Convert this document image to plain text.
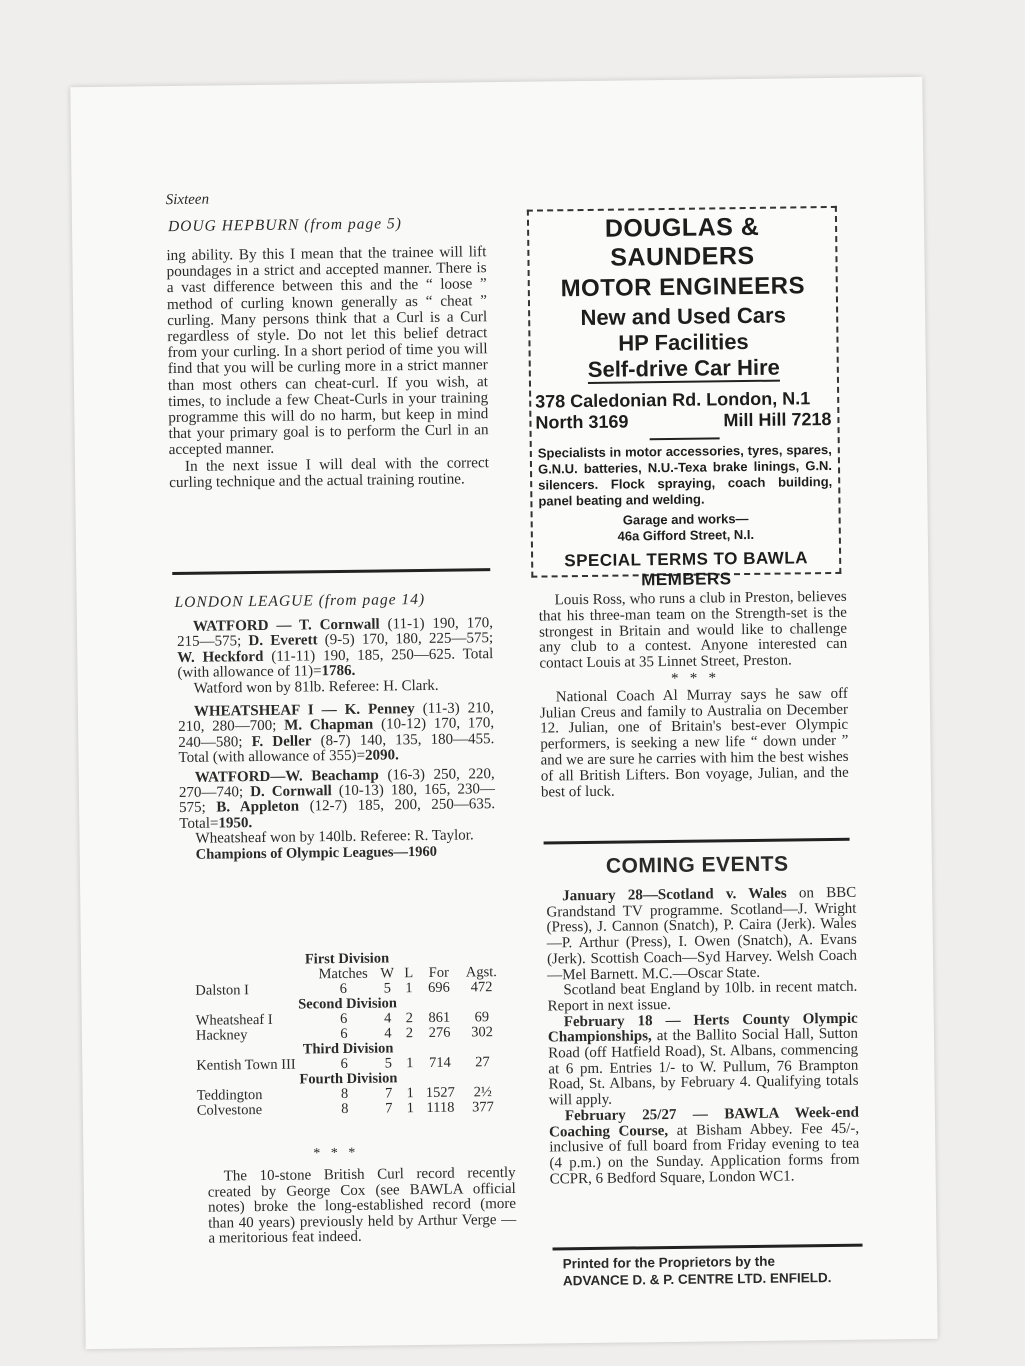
Sixteen
DOUG HEPBURN (from page 5)

ing ability. By this I mean that the trainee will lift poundages in a strict and accepted manner. There is a vast difference between this and the “ loose ” method of curling known generally as “ cheat ” curling. Many persons think that a Curl is a Curl regardless of style. Do not let this belief detract from your curling. In a short period of time you will find that you will be curling more in a strict manner than most others can cheat-curl. If you wish, at times, to include a few Cheat-Curls in your training programme this will do no harm, but keep in mind that your primary goal is to perform the Curl in an accepted manner.

In the next issue I will deal with the correct curling technique and the actual training routine.

LONDON LEAGUE (from page 14)

WATFORD — T. Cornwall (11-1) 190, 170, 215—575; D. Everett (9-5) 170, 180, 225—575; W. Heckford (11-11) 190, 185, 250—625. Total (with allowance of 11)=1786.

Watford won by 81lb. Referee: H. Clark.

WHEATSHEAF I — K. Penney (11-3) 210, 210, 280—700; M. Chapman (10-12) 170, 170, 240—580; F. Deller (8-7) 140, 135, 180—455. Total (with allowance of 355)=2090.

WATFORD—W. Beachamp (16-3) 250, 220, 270—740; D. Cornwall (10-13) 180, 165, 230—575; B. Appleton (12-7) 185, 200, 250—635. Total=1950.

Wheatsheaf won by 140lb. Referee: R. Taylor.

Champions of Olympic Leagues—1960

First Division					
	Matches	W	L	For	Agst.
Dalston I	6	5	1	696	472
Second Division					
Wheatsheaf I	6	4	2	861	69
Hackney	6	4	2	276	302
Third Division					
Kentish Town III	6	5	1	714	27
Fourth Division					
Teddington	8	7	1	1527	2½
Colvestone	8	7	1	1118	377
*   *   *

The 10-stone British Curl record recently created by George Cox (see BAWLA official notes) broke the long-established record (more than 40 years) previously held by Arthur Verge — a meritorious feat indeed.

DOUGLAS & SAUNDERS
MOTOR ENGINEERS
New and Used Cars
HP Facilities
Self-drive Car Hire
378 Caledonian Rd. London, N.1
North 3169	Mill Hill 7218
Specialists in motor accessories, tyres, spares, G.N.U. batteries, N.U.-Texa brake linings, G.N. silencers. Flock spraying, coach building, panel beating and welding.
Garage and works—
46a Gifford Street, N.I.
SPECIAL TERMS TO BAWLA
MEMBERS

Louis Ross, who runs a club in Preston, believes that his three-man team on the Strength-set is the strongest in Britain and would like to challenge any club to a contest. Anyone interested can contact Louis at 35 Linnet Street, Preston.

*   *   *

National Coach Al Murray says he saw off Julian Creus and family to Australia on December 12. Julian, one of Britain's best-ever Olympic performers, is seeking a new life “ down under ” and we are sure he carries with him the best wishes of all British Lifters. Bon voyage, Julian, and the best of luck.

COMING EVENTS

January 28—Scotland v. Wales on BBC Grandstand TV programme. Scotland—J. Wright (Press), J. Cannon (Snatch), P. Caira (Jerk). Wales—P. Arthur (Press), I. Owen (Snatch), A. Evans (Jerk). Scottish Coach—Syd Harvey. Welsh Coach—Mel Barnett. M.C.—Oscar State.

Scotland beat England by 10lb. in recent match. Report in next issue.

February 18 — Herts County Olympic Championships, at the Ballito Social Hall, Sutton Road (off Hatfield Road), St. Albans, commencing at 6 pm. Entries 1/- to W. Pullum, 76 Brampton Road, St. Albans, by February 4. Qualifying totals will apply.

February 25/27 — BAWLA Week-end Coaching Course, at Bisham Abbey. Fee 45/-, inclusive of full board from Friday evening to tea (4 p.m.) on the Sunday. Application forms from CCPR, 6 Bedford Square, London WC1.

Printed for the Proprietors by the
ADVANCE D. & P. CENTRE LTD. ENFIELD.
